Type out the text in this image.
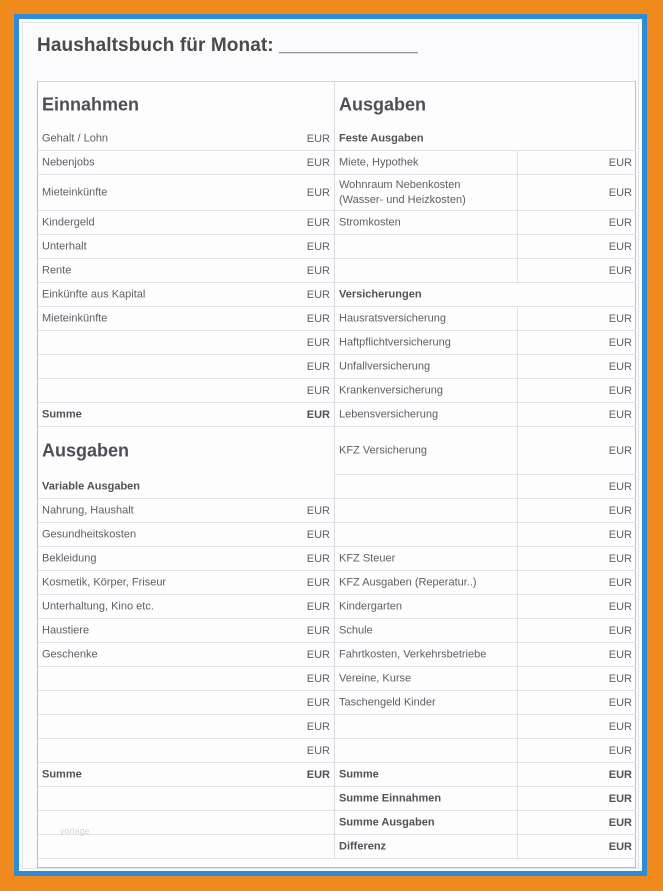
Haushaltsbuch für Monat: _____________
Einnahmen
Gehalt / Lohn	EUR
Nebenjobs	EUR
Mieteinkünfte	EUR
Kindergeld	EUR
Unterhalt	EUR
Rente	EUR
Einkünfte aus Kapital	EUR
Mieteinkünfte	EUR
EUR
EUR
EUR
Summe	EUR
Ausgaben
Variable Ausgaben
Nahrung, Haushalt	EUR
Gesundheitskosten	EUR
Bekleidung	EUR
Kosmetik, Körper, Friseur	EUR
Unterhaltung, Kino etc.	EUR
Haustiere	EUR
Geschenke	EUR
EUR
EUR
EUR
EUR
Summe	EUR
Ausgaben
Feste Ausgaben
Miete, Hypothek	EUR
Wohnraum Nebenkosten
(Wasser- und Heizkosten)
EUR
Stromkosten	EUR
EUR
EUR
Versicherungen
Hausratsversicherung	EUR
Haftpflichtversicherung	EUR
Unfallversicherung	EUR
Krankenversicherung	EUR
Lebensversicherung	EUR
KFZ Versicherung	EUR
EUR
EUR
EUR
KFZ Steuer	EUR
KFZ Ausgaben (Reperatur..)	EUR
Kindergarten	EUR
Schule	EUR
Fahrtkosten, Verkehrsbetriebe	EUR
Vereine, Kurse	EUR
Taschengeld Kinder	EUR
EUR
EUR
Summe	EUR
Summe Einnahmen	EUR
Summe Ausgaben	EUR
Differenz	EUR
vorlage
